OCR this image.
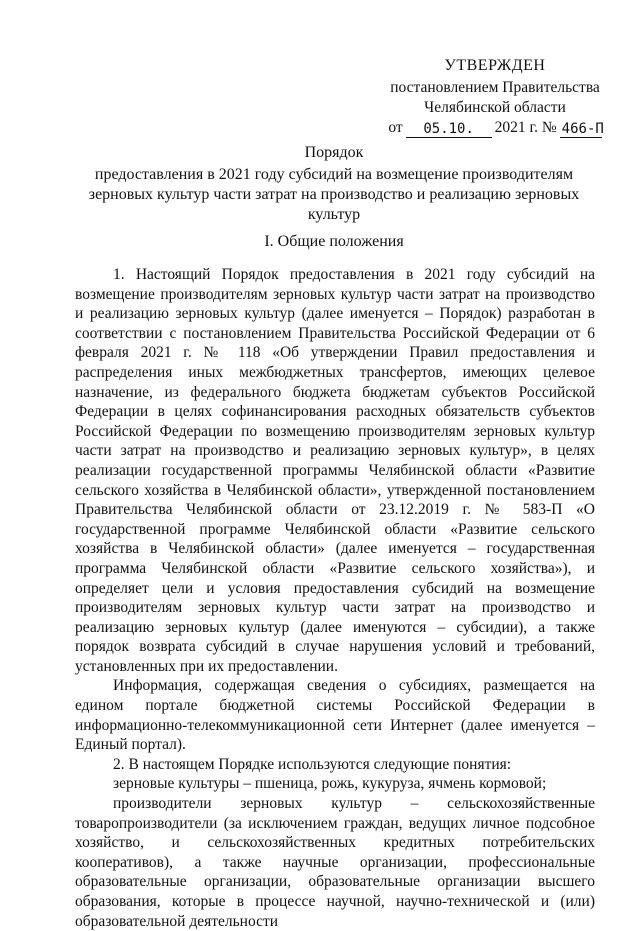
УТВЕРЖДЕН
постановлением Правительства
Челябинской области
от	05.10.	2021 г. № 466-П
Порядок
предоставления в 2021 году субсидий на возмещение производителям зерновых культур части затрат на производство и реализацию зерновых культур
I. Общие положения

1. Настоящий Порядок предоставления в 2021 году субсидий на возмещение производителям зерновых культур части затрат на производство и реализацию зерновых культур (далее именуется – Порядок) разработан в соответствии с постановлением Правительства Российской Федерации от 6 февраля 2021 г. № 118 «Об утверждении Правил предоставления и распределения иных межбюджетных трансфертов, имеющих целевое назначение, из федерального бюджета бюджетам субъектов Российской Федерации в целях софинансирования расходных обязательств субъектов Российской Федерации по возмещению производителям зерновых культур части затрат на производство и реализацию зерновых культур», в целях реализации государственной программы Челябинской области «Развитие сельского хозяйства в Челябинской области», утвержденной постановлением Правительства Челябинской области от 23.12.2019 г. № 583-П «О государственной программе Челябинской области «Развитие сельского хозяйства в Челябинской области» (далее именуется – государственная программа Челябинской области «Развитие сельского хозяйства»), и определяет цели и условия предоставления субсидий на возмещение производителям зерновых культур части затрат на производство и реализацию зерновых культур (далее именуются – субсидии), а также порядок возврата субсидий в случае нарушения условий и требований, установленных при их предоставлении.

Информация, содержащая сведения о субсидиях, размещается на едином портале бюджетной системы Российской Федерации в информационно-телекоммуникационной сети Интернет (далее именуется – Единый портал).

2. В настоящем Порядке используются следующие понятия:

зерновые культуры – пшеница, рожь, кукуруза, ячмень кормовой;

производители зерновых культур – сельскохозяйственные товаропроизводители (за исключением граждан, ведущих личное подсобное хозяйство, и сельскохозяйственных кредитных потребительских кооперативов), а также научные организации, профессиональные образовательные организации, образовательные организации высшего образования, которые в процессе научной, научно-технической и (или) образовательной деятельности
